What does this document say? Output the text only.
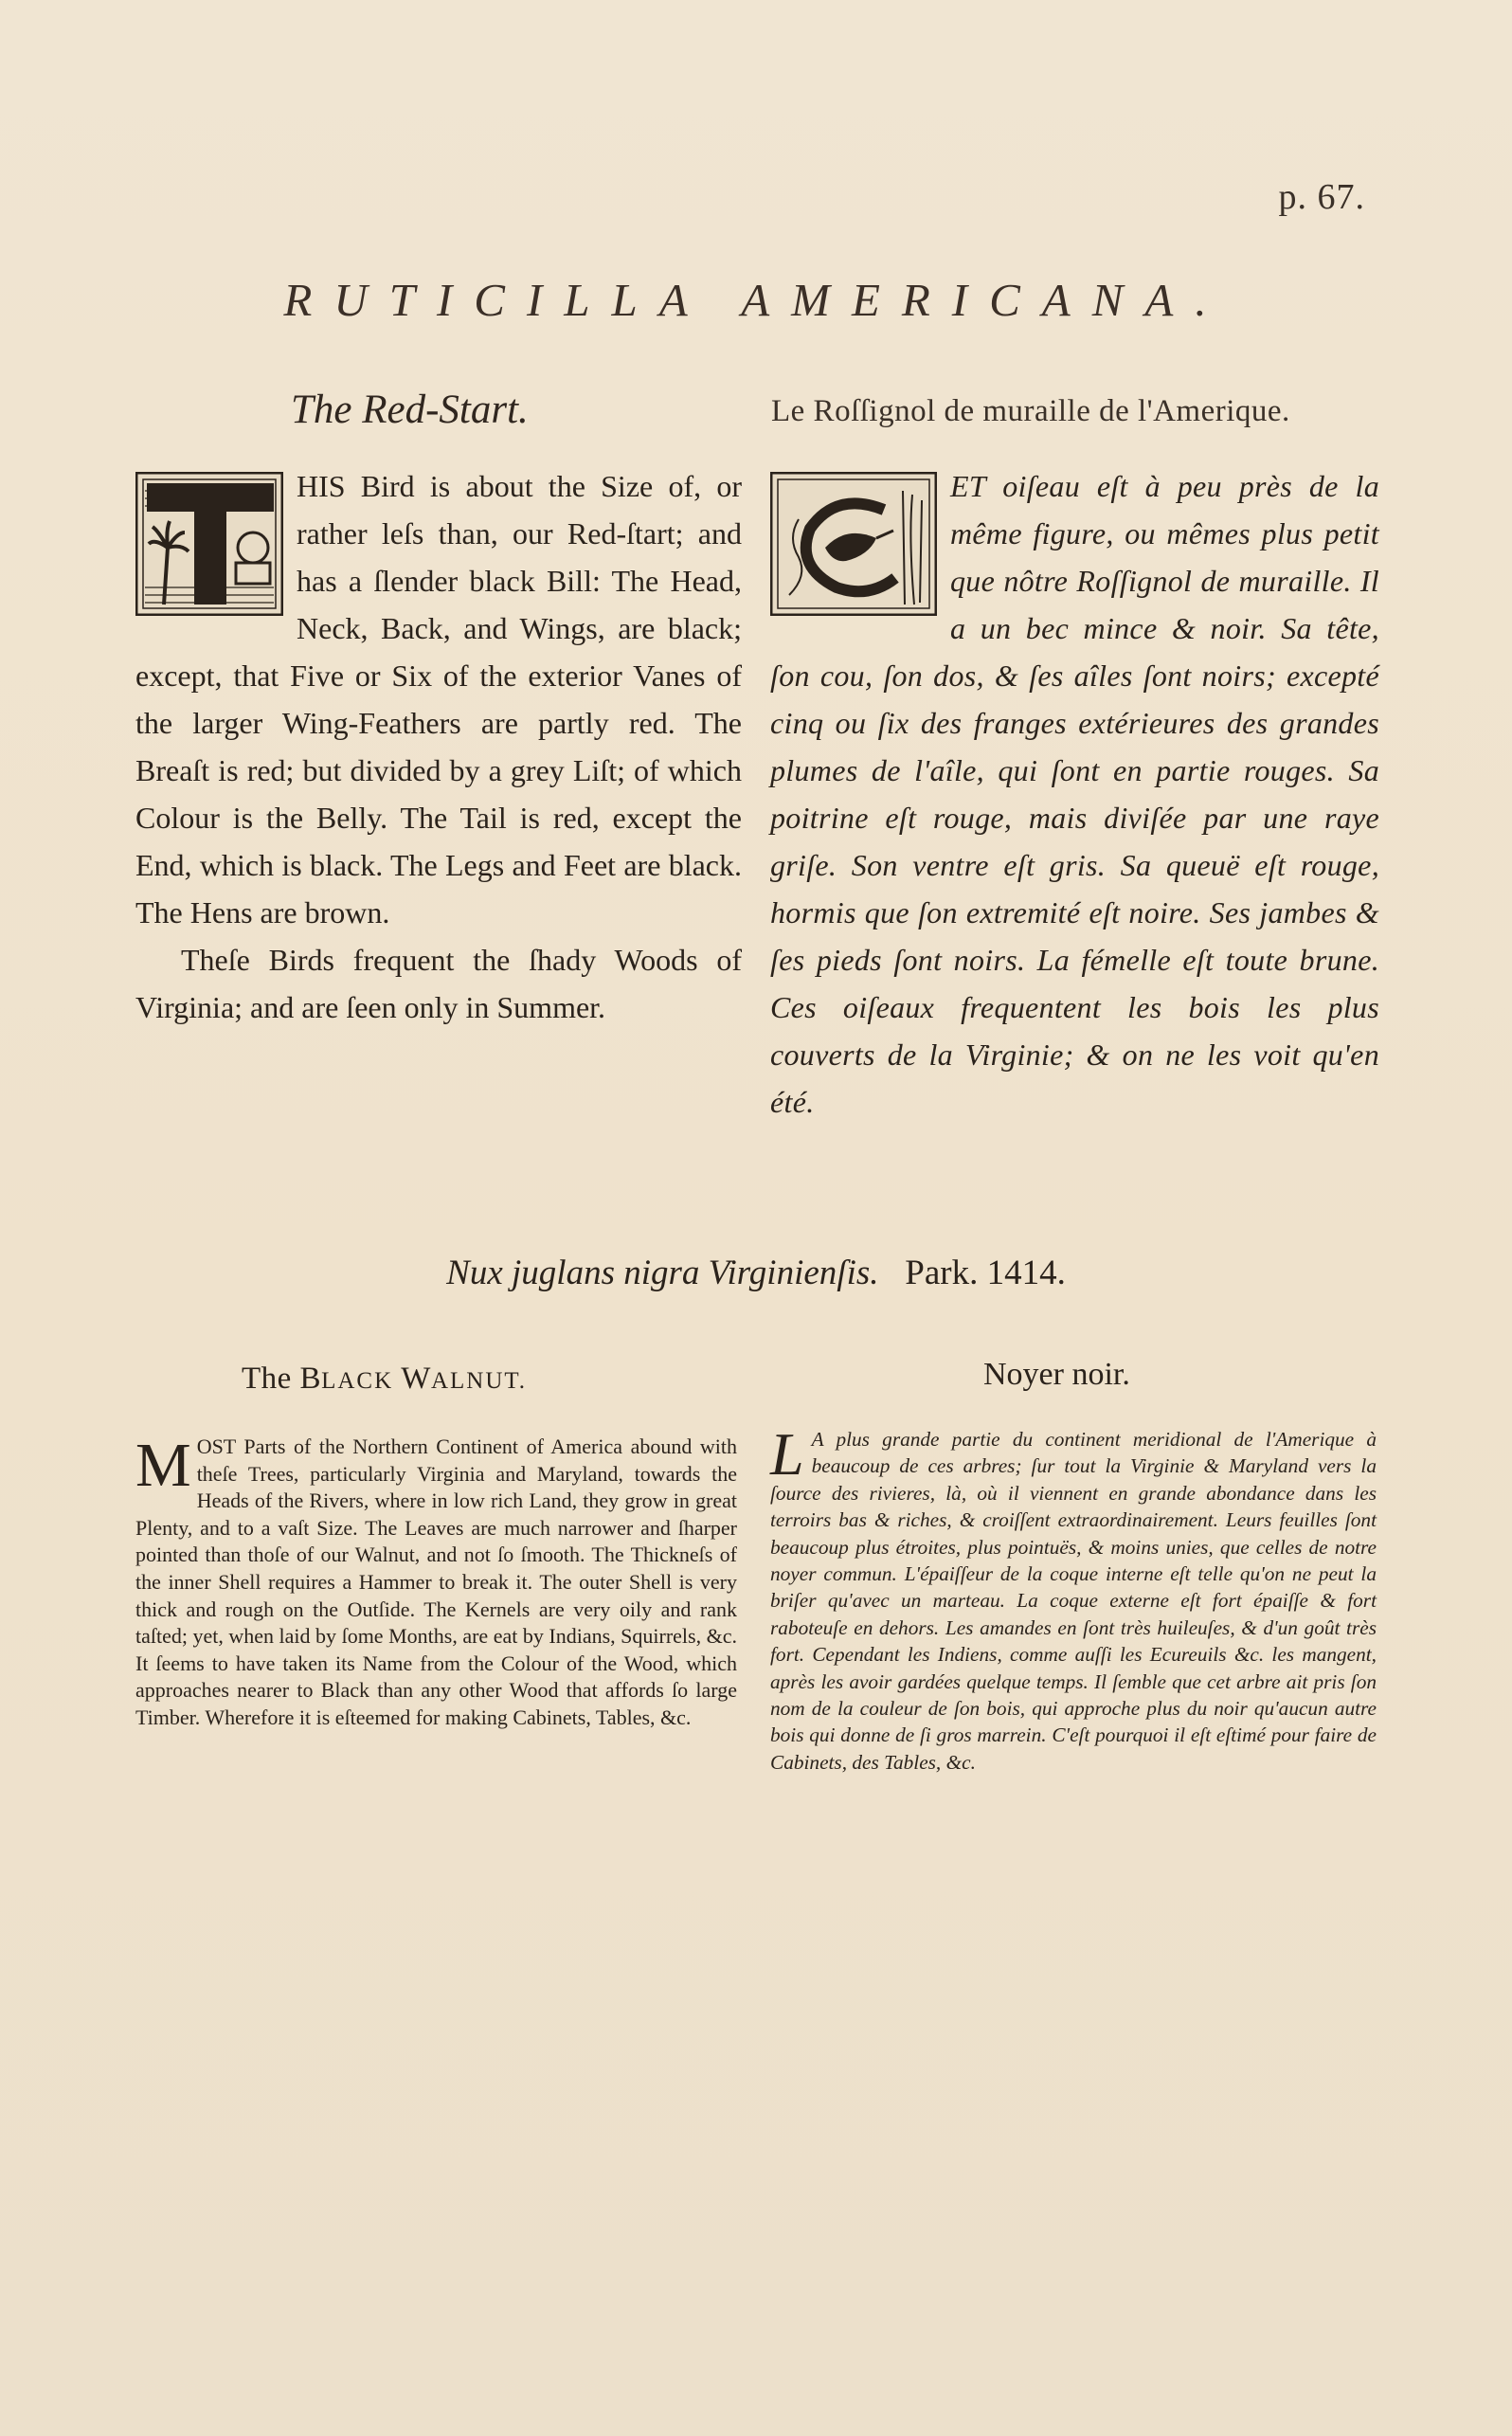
p. 67.
RUTICILLA AMERICANA.
The Red-Start.	Le Roſſignol de muraille de l'Amerique.
HIS Bird is about the Size of, or rather leſs than, our Red-ſtart; and has a ſlender black Bill: The Head, Neck, Back, and Wings, are black; except, that Five or Six of the exterior Vanes of the larger Wing-Feathers are partly red. The Breaſt is red; but divided by a grey Liſt; of which Colour is the Belly. The Tail is red, except the End, which is black. The Legs and Feet are black. The Hens are brown.

Theſe Birds frequent the ſhady Woods of Virginia; and are ſeen only in Summer.

ET oiſeau eſt à peu près de la même figure, ou mêmes plus petit que nôtre Roſſignol de muraille. Il a un bec mince & noir. Sa tête, ſon cou, ſon dos, & ſes aîles ſont noirs; excepté cinq ou ſix des franges extérieures des grandes plumes de l'aîle, qui ſont en partie rouges. Sa poitrine eſt rouge, mais diviſée par une raye griſe. Son ventre eſt gris. Sa queuë eſt rouge, hormis que ſon extremité eſt noire. Ses jambes & ſes pieds ſont noirs. La fémelle eſt toute brune. Ces oiſeaux frequentent les bois les plus couverts de la Virginie; & on ne les voit qu'en été.
Nux juglans nigra Virginienſis. Park. 1414.
The BLACK WALNUT.	Noyer noir.
MOST Parts of the Northern Continent of America abound with theſe Trees, particularly Virginia and Maryland, towards the Heads of the Rivers, where in low rich Land, they grow in great Plenty, and to a vaſt Size. The Leaves are much narrower and ſharper pointed than thoſe of our Walnut, and not ſo ſmooth. The Thickneſs of the inner Shell requires a Hammer to break it. The outer Shell is very thick and rough on the Outſide. The Kernels are very oily and rank taſted; yet, when laid by ſome Months, are eat by Indians, Squirrels, &c. It ſeems to have taken its Name from the Colour of the Wood, which approaches nearer to Black than any other Wood that affords ſo large Timber. Wherefore it is eſteemed for making Cabinets, Tables, &c.
L A plus grande partie du continent meridional de l'Amerique à beaucoup de ces arbres; ſur tout la Virginie & Maryland vers la ſource des rivieres, là, où il viennent en grande abondance dans les terroirs bas & riches, & croiſſent extraordinairement. Leurs feuilles ſont beaucoup plus étroites, plus pointuës, & moins unies, que celles de notre noyer commun. L'épaiſſeur de la coque interne eſt telle qu'on ne peut la briſer qu'avec un marteau. La coque externe eſt fort épaiſſe & fort raboteuſe en dehors. Les amandes en ſont très huileuſes, & d'un goût très fort. Cependant les Indiens, comme auſſi les Ecureuils &c. les mangent, après les avoir gardées quelque temps. Il ſemble que cet arbre ait pris ſon nom de la couleur de ſon bois, qui approche plus du noir qu'aucun autre bois qui donne de ſi gros marrein. C'eſt pourquoi il eſt eſtimé pour faire de Cabinets, des Tables, &c.
